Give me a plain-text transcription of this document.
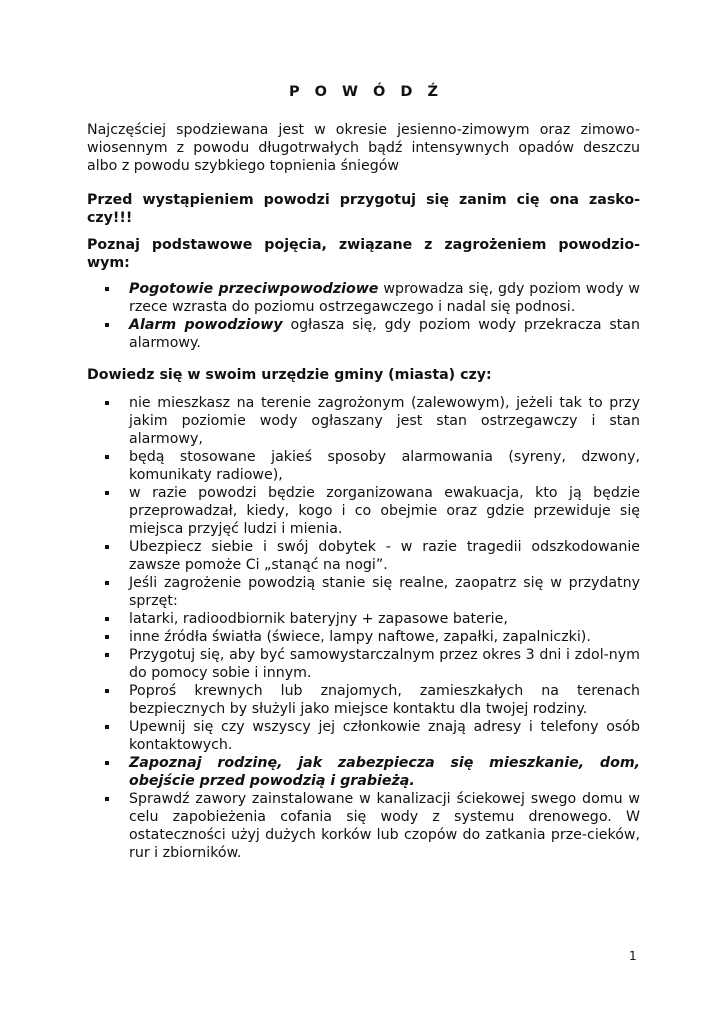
P O W Ó D Ź

Najczęściej spodziewana jest w okresie jesienno-zimowym oraz zimowo-wiosennym z powodu długotrwałych bądź intensywnych opadów deszczu albo z powodu szybkiego topnienia śniegów

Przed wystąpieniem powodzi przygotuj się zanim cię ona zasko-czy!!!

Poznaj podstawowe pojęcia, związane z zagrożeniem powodzio-wym:

Pogotowie przeciwpowodziowe wprowadza się, gdy poziom wody w rzece wzrasta do poziomu ostrzegawczego i nadal się podnosi.
Alarm powodziowy ogłasza się, gdy poziom wody przekracza stan alarmowy.

Dowiedz się w swoim urzędzie gminy (miasta) czy:

nie mieszkasz na terenie zagrożonym (zalewowym), jeżeli tak to przy jakim poziomie wody ogłaszany jest stan ostrzegawczy i stan alarmowy,
będą stosowane jakieś sposoby alarmowania (syreny, dzwony, komunikaty radiowe),
w razie powodzi będzie zorganizowana ewakuacja, kto ją będzie przeprowadzał, kiedy, kogo i co obejmie oraz gdzie przewiduje się miejsca przyjęć ludzi i mienia.
Ubezpiecz siebie i swój dobytek - w razie tragedii odszkodowanie zawsze pomoże Ci „stanąć na nogi”.
Jeśli zagrożenie powodzią stanie się realne, zaopatrz się w przydatny sprzęt:
latarki, radioodbiornik bateryjny + zapasowe baterie,
inne źródła światła (świece, lampy naftowe, zapałki, zapalniczki).
Przygotuj się, aby być samowystarczalnym przez okres 3 dni i zdol-nym do pomocy sobie i innym.
Poproś krewnych lub znajomych, zamieszkałych na terenach bezpiecznych by służyli jako miejsce kontaktu dla twojej rodziny.
Upewnij się czy wszyscy jej członkowie znają adresy i telefony osób kontaktowych.
Zapoznaj rodzinę, jak zabezpiecza się mieszkanie, dom, obejście przed powodzią i grabieżą.
Sprawdź zawory zainstalowane w kanalizacji ściekowej swego domu w celu zapobieżenia cofania się wody z systemu drenowego. W ostateczności użyj dużych korków lub czopów do zatkania prze-cieków, rur i zbiorników.
1
